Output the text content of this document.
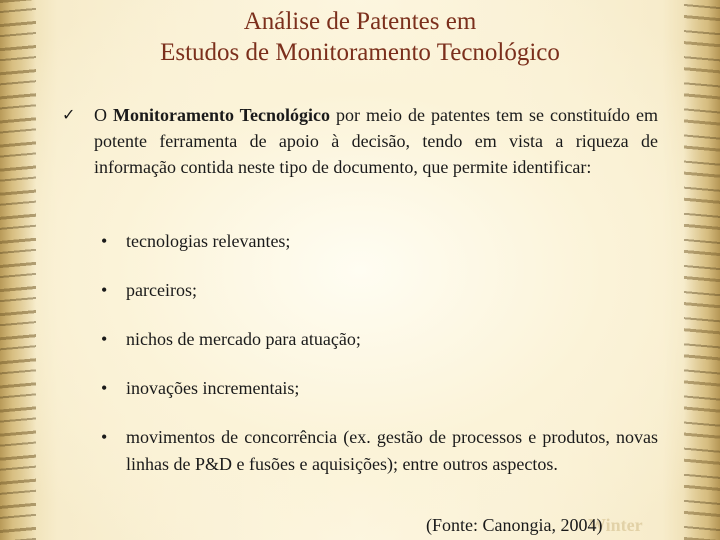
Análise de Patentes em
Estudos de Monitoramento Tecnológico
✓ O Monitoramento Tecnológico por meio de patentes tem se constituído em potente ferramenta de apoio à decisão, tendo em vista a riqueza de informação contida neste tipo de documento, que permite identificar:
• tecnologias relevantes;
• parceiros;
• nichos de mercado para atuação;
• inovações incrementais;
• movimentos de concorrência (ex. gestão de processos e produtos, novas linhas de P&D e fusões e aquisições); entre outros aspectos.
Winter
(Fonte: Canongia, 2004)
